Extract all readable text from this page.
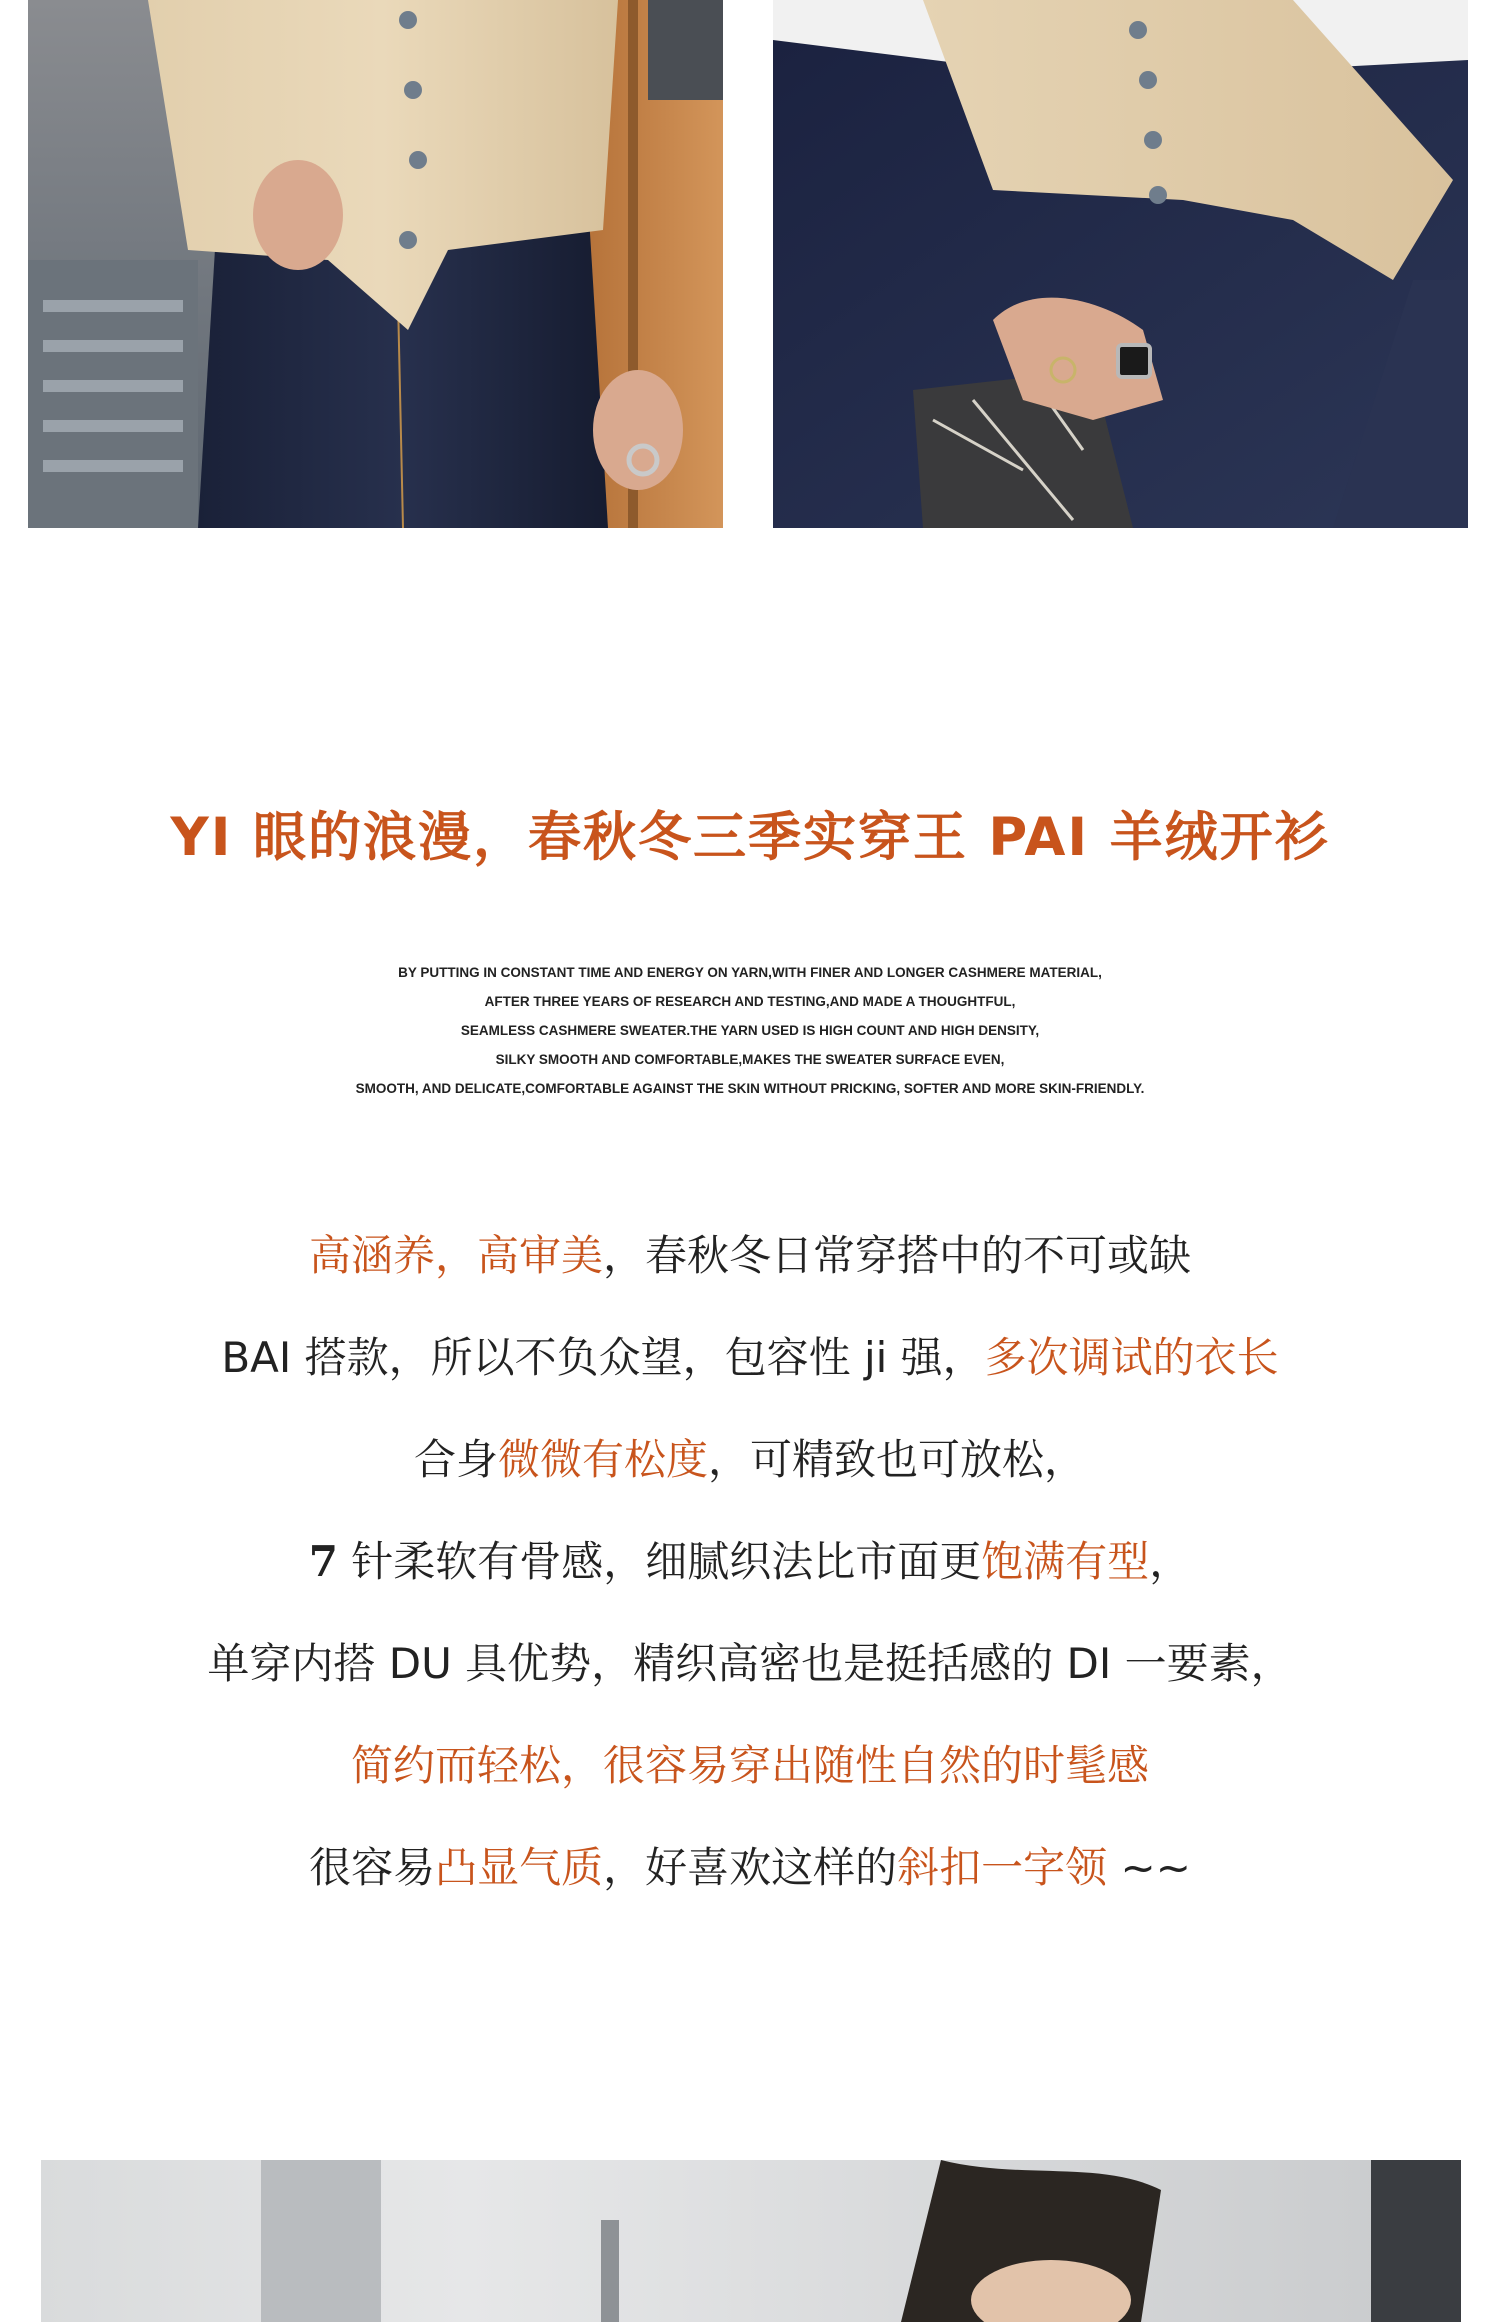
YI 眼的浪漫，春秋冬三季实穿王 PAI 羊绒开衫
BY PUTTING IN CONSTANT TIME AND ENERGY ON YARN,WITH FINER AND LONGER CASHMERE MATERIAL,
AFTER THREE YEARS OF RESEARCH AND TESTING,AND MADE A THOUGHTFUL,
SEAMLESS CASHMERE SWEATER.THE YARN USED IS HIGH COUNT AND HIGH DENSITY,
SILKY SMOOTH AND COMFORTABLE,MAKES THE SWEATER SURFACE EVEN,
SMOOTH, AND DELICATE,COMFORTABLE AGAINST THE SKIN WITHOUT PRICKING, SOFTER AND MORE SKIN-FRIENDLY.
高涵养，高审美，春秋冬日常穿搭中的不可或缺
BAI 搭款，所以不负众望，包容性 ji 强，多次调试的衣长
合身微微有松度，可精致也可放松，
7 针柔软有骨感，细腻织法比市面更饱满有型，
单穿内搭 DU 具优势，精织高密也是挺括感的 DI 一要素，
简约而轻松，很容易穿出随性自然的时髦感
很容易凸显气质，好喜欢这样的斜扣一字领 ~~
